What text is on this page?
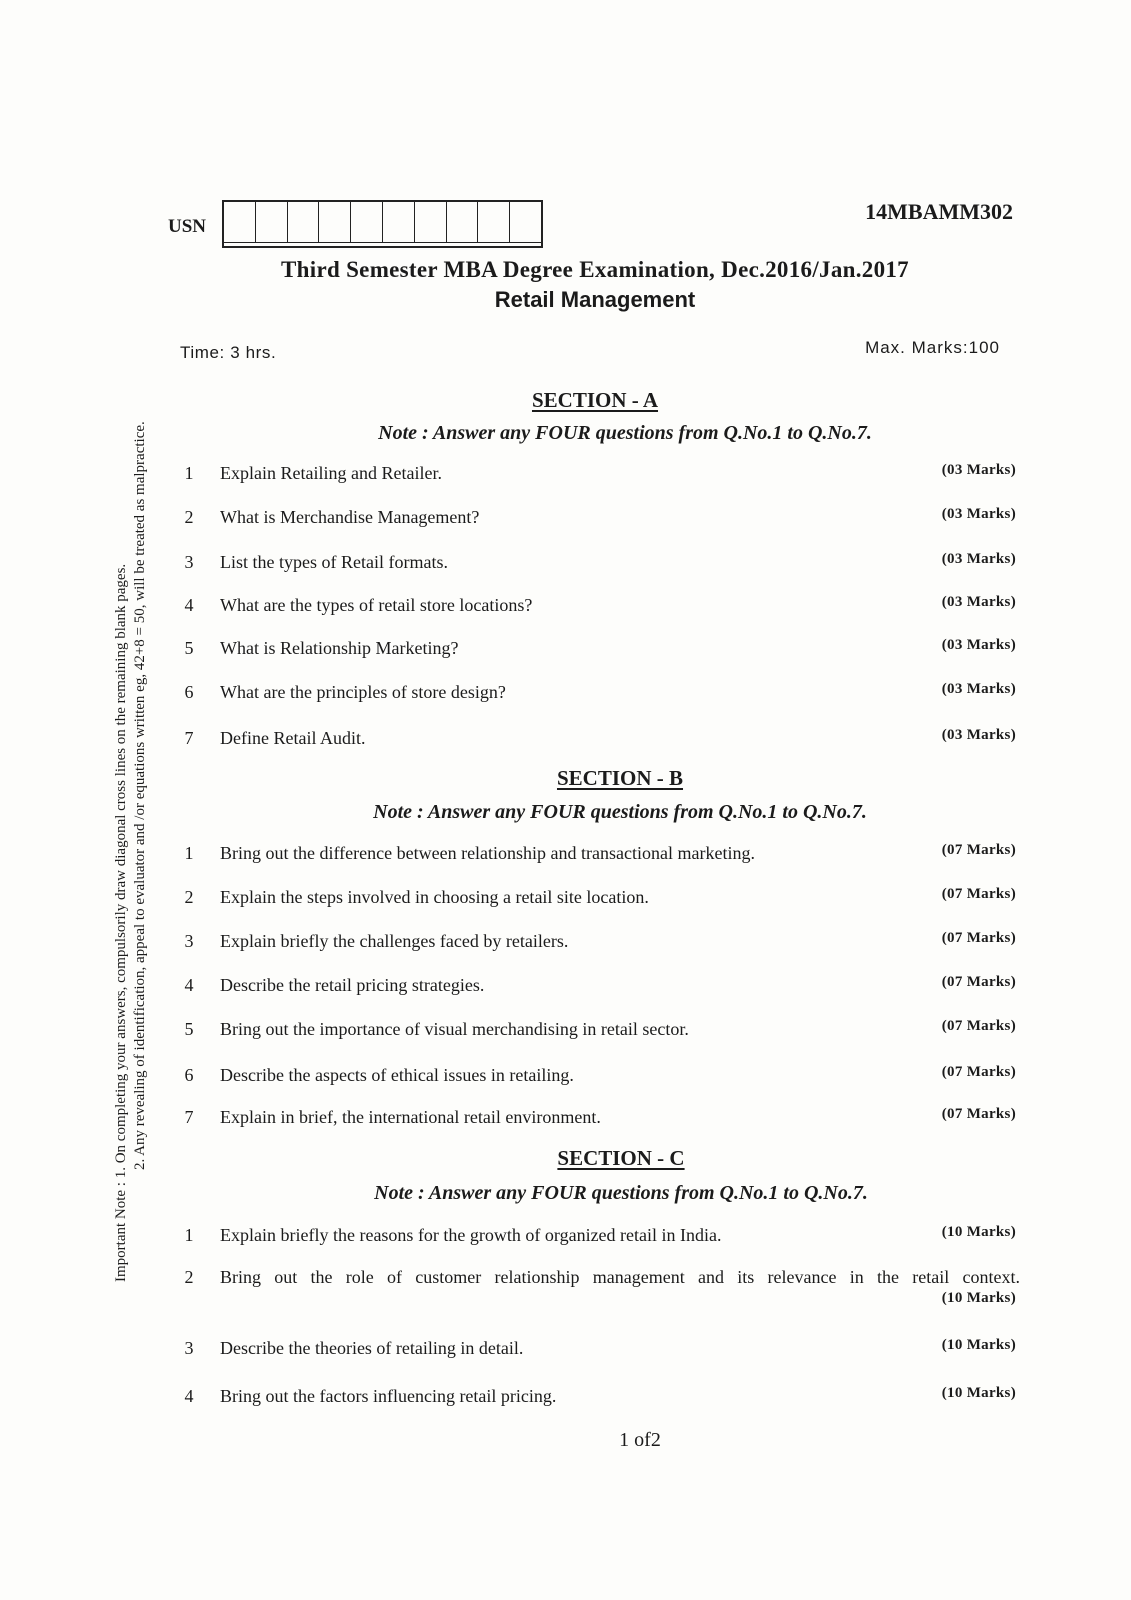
Important Note : 1. On completing your answers, compulsorily draw diagonal cross lines on the remaining blank pages. 2. Any revealing of identification, appeal to evaluator and /or equations written eg, 42+8 = 50, will be treated as malpractice.
USN
14MBAMM302
Third Semester MBA Degree Examination, Dec.2016/Jan.2017
Retail Management
Time: 3 hrs.	Max. Marks:100
SECTION - A
Note : Answer any FOUR questions from Q.No.1 to Q.No.7.
1	Explain Retailing and Retailer.	(03 Marks)
2	What is Merchandise Management?	(03 Marks)
3	List the types of Retail formats.	(03 Marks)
4	What are the types of retail store locations?	(03 Marks)
5	What is Relationship Marketing?	(03 Marks)
6	What are the principles of store design?	(03 Marks)
7	Define Retail Audit.	(03 Marks)
SECTION - B
Note : Answer any FOUR questions from Q.No.1 to Q.No.7.
1	Bring out the difference between relationship and transactional marketing.	(07 Marks)
2	Explain the steps involved in choosing a retail site location.	(07 Marks)
3	Explain briefly the challenges faced by retailers.	(07 Marks)
4	Describe the retail pricing strategies.	(07 Marks)
5	Bring out the importance of visual merchandising in retail sector.	(07 Marks)
6	Describe the aspects of ethical issues in retailing.	(07 Marks)
7	Explain in brief, the international retail environment.	(07 Marks)
SECTION - C
Note : Answer any FOUR questions from Q.No.1 to Q.No.7.
1	Explain briefly the reasons for the growth of organized retail in India.	(10 Marks)
2	Bring out the role of customer relationship management and its relevance in the retail context.
(10 Marks)
3	Describe the theories of retailing in detail.	(10 Marks)
4	Bring out the factors influencing retail pricing.	(10 Marks)
1 of2
